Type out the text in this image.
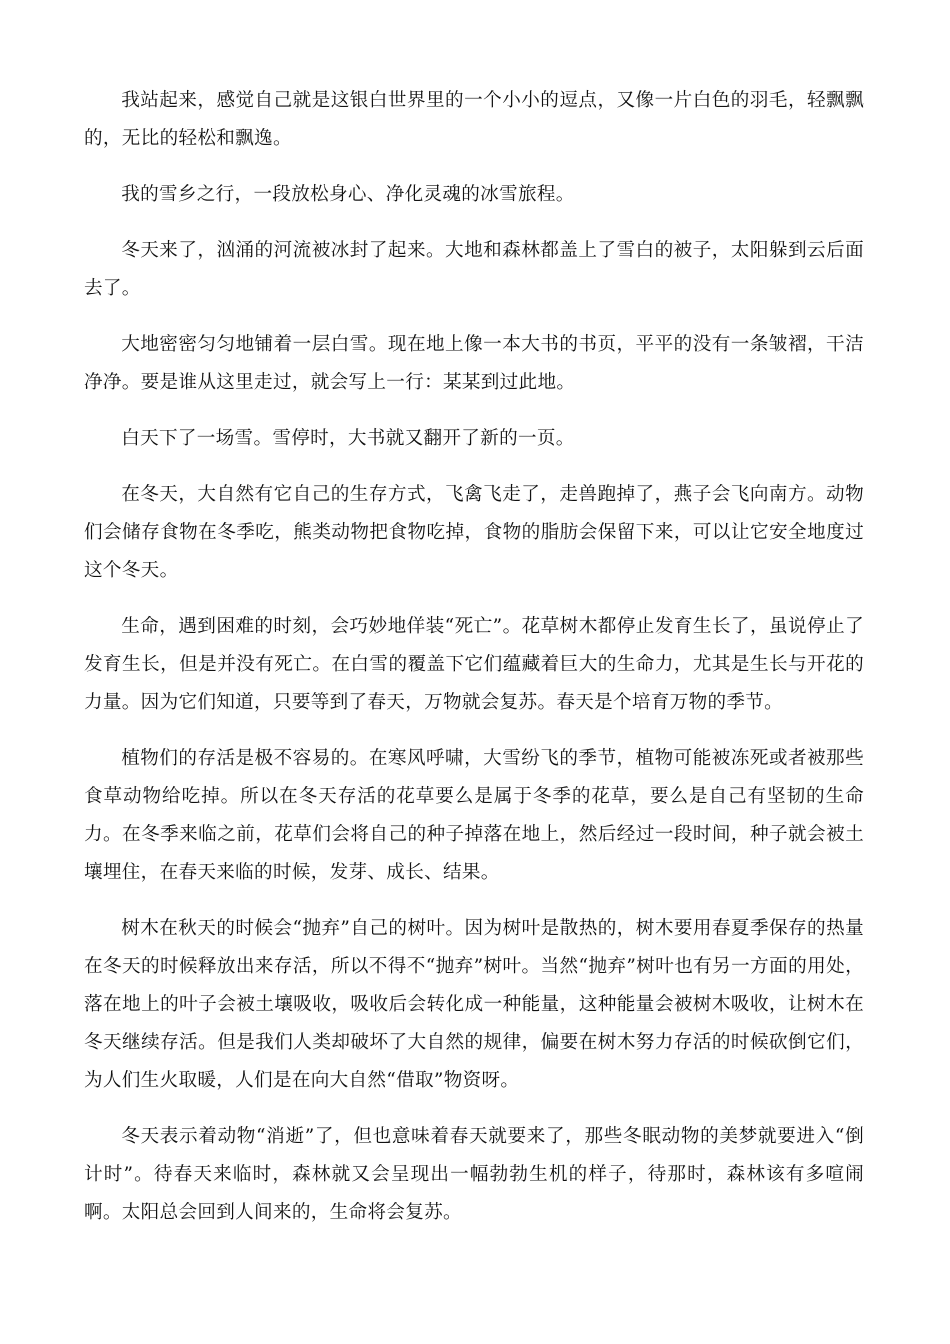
我站起来，感觉自己就是这银白世界里的一个小小的逗点，又像一片白色的羽毛，轻飘飘的，无比的轻松和飘逸。

我的雪乡之行，一段放松身心、净化灵魂的冰雪旅程。

冬天来了，汹涌的河流被冰封了起来。大地和森林都盖上了雪白的被子，太阳躲到云后面去了。

大地密密匀匀地铺着一层白雪。现在地上像一本大书的书页，平平的没有一条皱褶，干洁净净。要是谁从这里走过，就会写上一行：某某到过此地。

白天下了一场雪。雪停时，大书就又翻开了新的一页。

在冬天，大自然有它自己的生存方式，飞禽飞走了，走兽跑掉了，燕子会飞向南方。动物们会储存食物在冬季吃，熊类动物把食物吃掉，食物的脂肪会保留下来，可以让它安全地度过这个冬天。

生命，遇到困难的时刻，会巧妙地佯装“死亡”。花草树木都停止发育生长了，虽说停止了发育生长，但是并没有死亡。在白雪的覆盖下它们蕴藏着巨大的生命力，尤其是生长与开花的力量。因为它们知道，只要等到了春天，万物就会复苏。春天是个培育万物的季节。

植物们的存活是极不容易的。在寒风呼啸，大雪纷飞的季节，植物可能被冻死或者被那些食草动物给吃掉。所以在冬天存活的花草要么是属于冬季的花草，要么是自己有坚韧的生命力。在冬季来临之前，花草们会将自己的种子掉落在地上，然后经过一段时间，种子就会被土壤埋住，在春天来临的时候，发芽、成长、结果。

树木在秋天的时候会“抛弃”自己的树叶。因为树叶是散热的，树木要用春夏季保存的热量在冬天的时候释放出来存活，所以不得不“抛弃”树叶。当然“抛弃”树叶也有另一方面的用处，落在地上的叶子会被土壤吸收，吸收后会转化成一种能量，这种能量会被树木吸收，让树木在冬天继续存活。但是我们人类却破坏了大自然的规律，偏要在树木努力存活的时候砍倒它们，为人们生火取暖，人们是在向大自然“借取”物资呀。

冬天表示着动物“消逝”了，但也意味着春天就要来了，那些冬眠动物的美梦就要进入“倒计时”。待春天来临时，森林就又会呈现出一幅勃勃生机的样子，待那时，森林该有多喧闹啊。太阳总会回到人间来的，生命将会复苏。
